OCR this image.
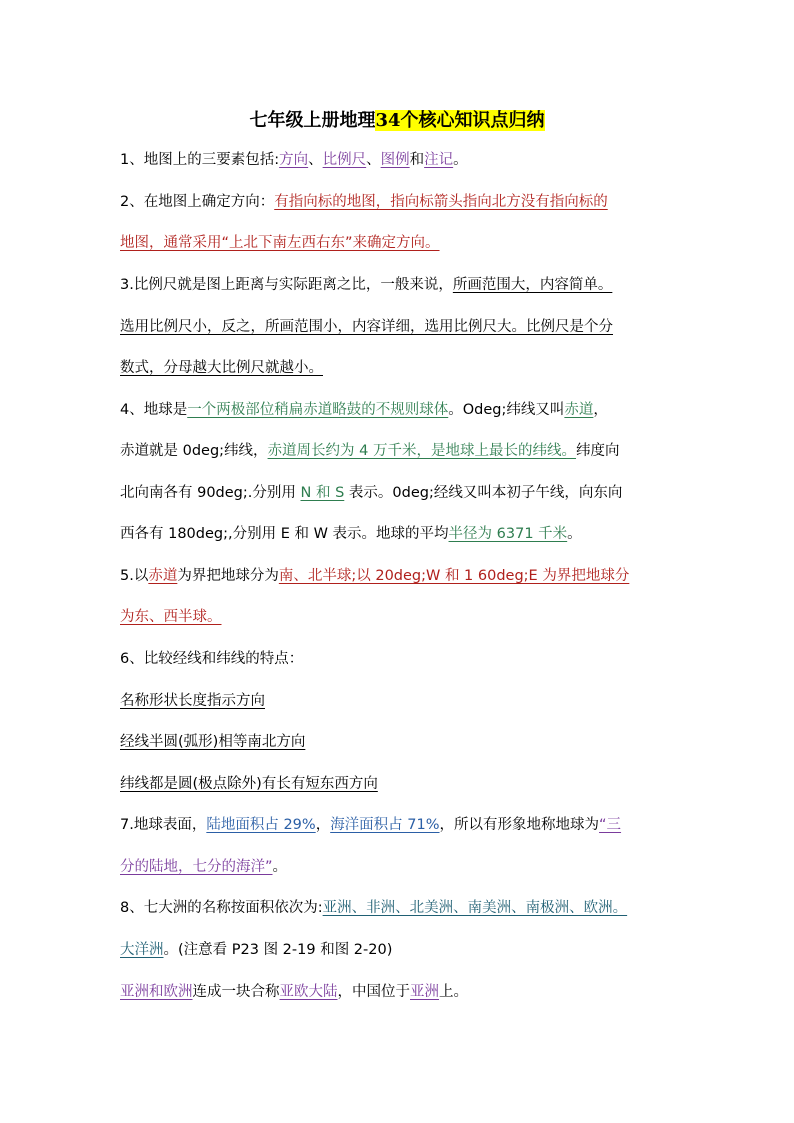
七年级上册地理34个核心知识点归纳
1、地图上的三要素包括:方向、比例尺、图例和注记。
2、在地图上确定方向：有指向标的地图，指向标箭头指向北方没有指向标的
地图，通常采用“上北下南左西右东”来确定方向。
3.比例尺就是图上距离与实际距离之比，一般来说，所画范围大，内容简单。
选用比例尺小，反之，所画范围小，内容详细，选用比例尺大。比例尺是个分
数式，分母越大比例尺就越小。
4、地球是一个两极部位稍扁赤道略鼓的不规则球体。Odeg;纬线又叫赤道，
赤道就是 0deg;纬线，赤道周长约为 4 万千米，是地球上最长的纬线。纬度向
北向南各有 90deg;.分别用 N 和 S 表示。0deg;经线又叫本初子午线，向东向
西各有 180deg;,分别用 E 和 W 表示。地球的平均半径为 6371 千米。
5.以赤道为界把地球分为南、北半球;以 20deg;W 和 1 60deg;E 为界把地球分
为东、西半球。
6、比较经线和纬线的特点：
名称形状长度指示方向
经线半圆(弧形)相等南北方向
纬线都是圆(极点除外)有长有短东西方向
7.地球表面，陆地面积占 29%，海洋面积占 71%，所以有形象地称地球为“三
分的陆地，七分的海洋”。
8、七大洲的名称按面积依次为:亚洲、非洲、北美洲、南美洲、南极洲、欧洲。
大洋洲。(注意看 P23 图 2-19 和图 2-20)
亚洲和欧洲连成一块合称亚欧大陆，中国位于亚洲上。
